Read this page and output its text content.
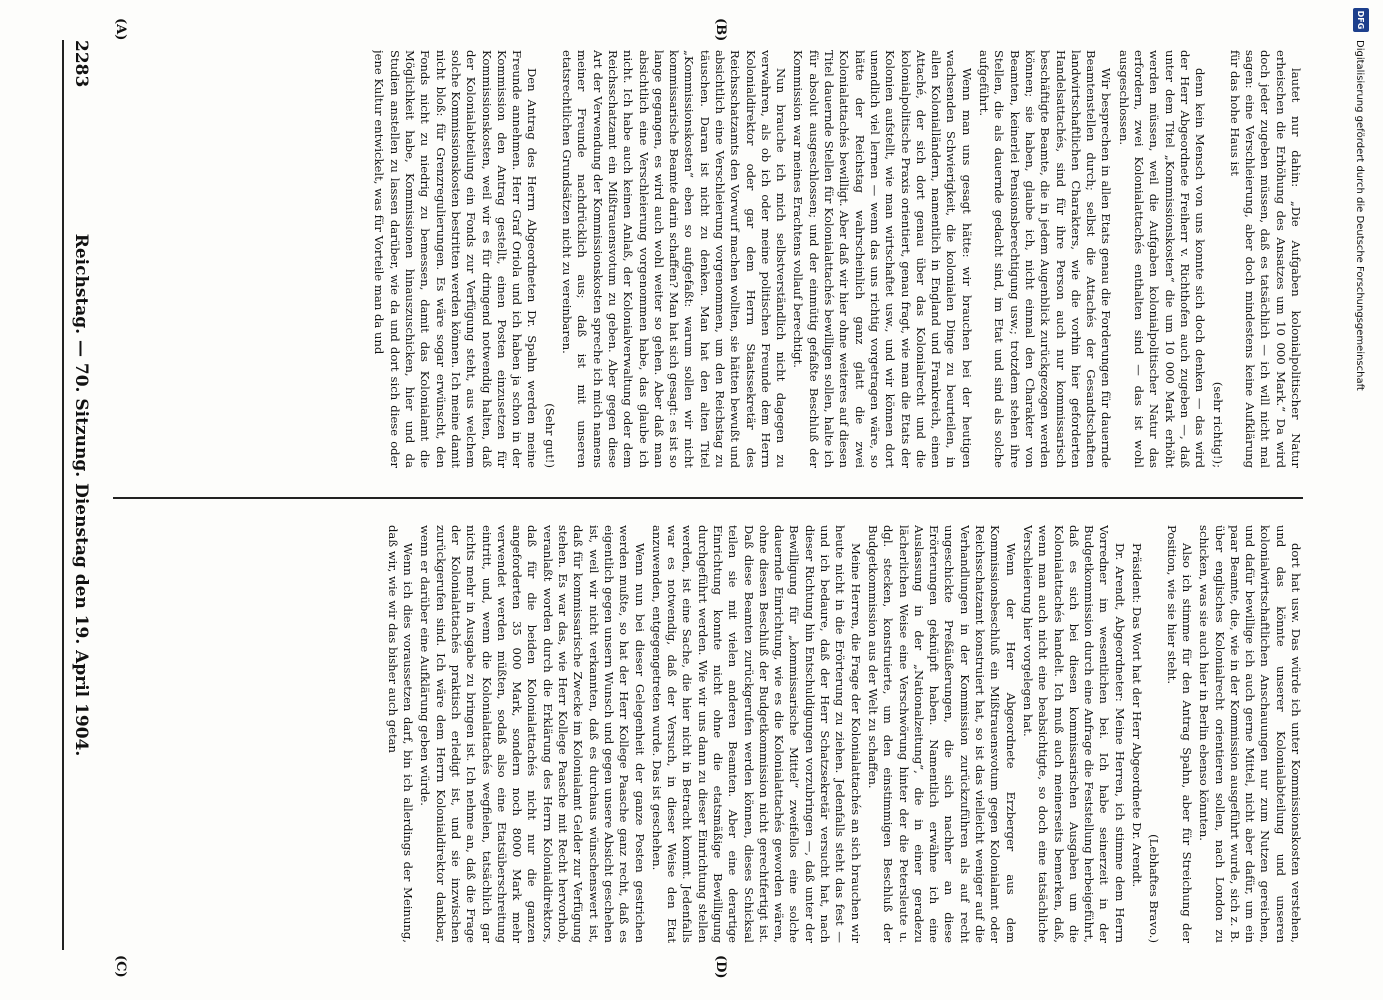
DFG
Digitalisierung gefördert durch die Deutsche Forschungsgemeinschaft
2283
Reichstag. — 70. Sitzung. Dienstag den 19. April 1904.
(A)	(B)
(C)	(D)

lautet nur dahin: „Die Aufgaben kolonialpolitischer Natur erheischen die Erhöhung des Ansatzes um 10 000 Mark.“ Da wird doch jeder zugeben müssen, daß es tatsächlich — ich will nicht mal sagen: eine Verschleierung, aber doch mindestens keine Aufklärung für das hohe Haus ist

(sehr richtig!);

denn kein Mensch von uns konnte sich doch denken — das wird der Herr Abgeordnete Freiherr v. Richthofen auch zugeben —, daß unter dem Titel „Kommissionskosten“ die um 10 000 Mark erhöht werden müssen, weil die Aufgaben kolonialpolitischer Natur das erfordern, zwei Kolonialattachés enthalten sind — das ist wohl ausgeschlossen.

Wir besprechen in allen Etats genau die Forderungen für dauernde Beamtenstellen durch; selbst die Attachés der Gesandtschaften landwirtschaftlichen Charakters, wie die vorhin hier geforderten Handelsattachés, sind für ihre Person auch nur kommissarisch beschäftigte Beamte, die in jedem Augenblick zurückgezogen werden können; sie haben, glaube ich, nicht einmal den Charakter von Beamten, keinerlei Pensionsberechtigung usw.; trotzdem stehen ihre Stellen, die als dauernde gedacht sind, im Etat und sind als solche aufgeführt.

Wenn man uns gesagt hätte: wir brauchen bei der heutigen wachsenden Schwierigkeit, die kolonialen Dinge zu beurteilen, in allen Kolonialländern, namentlich in England und Frankreich, einen Attaché, der sich dort genau über das Kolonialrecht und die kolonialpolitische Praxis orientiert, genau fragt, wie man die Etats der Kolonien aufstellt, wie man wirtschaftet usw., und wir können dort unendlich viel lernen — wenn das uns richtig vorgetragen wäre, so hätte der Reichstag wahrscheinlich ganz glatt die zwei Kolonialattachés bewilligt. Aber daß wir hier ohne weiteres auf diesen Titel dauernde Stellen für Kolonialattachés bewilligen sollen, halte ich für absolut ausgeschlossen; und der einmütig gefaßte Beschluß der Kommission war meines Erachtens vollauf berechtigt.

Nun brauche ich mich selbstverständlich nicht dagegen zu verwahren, als ob ich oder meine politischen Freunde dem Herrn Kolonialdirektor oder gar dem Herrn Staatssekretär des Reichsschatzamts den Vorwurf machen wollten, sie hätten bewußt und absichtlich eine Verschleierung vorgenommen, um den Reichstag zu täuschen. Daran ist nicht zu denken. Man hat den alten Titel „Kommissionskosten“ eben so aufgefaßt: warum sollen wir nicht kommissarische Beamte darin schaffen? Man hat sich gesagt: es ist so lange gegangen, es wird auch wohl weiter so gehen. Aber daß man absichtlich eine Verschleierung vorgenommen habe, das glaube ich nicht. Ich habe auch keinen Anlaß, der Kolonialverwaltung oder dem Reichsschatzamt ein Mißtrauensvotum zu geben. Aber gegen diese Art der Verwendung der Kommissionskosten spreche ich mich namens meiner Freunde nachdrücklich aus; daß ist mit unseren etatsrechtlichen Grundsätzen nicht zu vereinbaren.

(Sehr gut!)

Den Antrag des Herrn Abgeordneten Dr. Spahn werden meine Freunde annehmen. Herr Graf Oriola und ich haben ja schon in der Kommission den Antrag gestellt, einen Posten einzusetzen für Kommissionskosten, weil wir es für dringend notwendig halten, daß der Kolonialabteilung ein Fonds zur Verfügung steht, aus welchem solche Kommissionskosten bestritten werden können. Ich meine damit nicht bloß: für Grenzregulierungen. Es wäre sogar erwünscht, den Fonds nicht zu niedrig zu bemessen, damit das Kolonialamt die Möglichkeit habe, Kommissionen hinauszuschicken, hier und da Studien anstellen zu lassen darüber, wie da und dort sich diese oder jene Kultur entwickelt, was für Vorteile man da und

dort hat usw. Das würde ich unter Kommissionskosten verstehen, und das könnte unserer Kolonialabteilung und unseren kolonialwirtschaftlichen Anschauungen nur zum Nutzen gereichen, und dafür bewillige ich auch gerne Mittel, nicht aber dafür, um ein paar Beamte, die, wie in der Kommission ausgeführt wurde, sich z. B. über englisches Kolonialrecht orientieren sollen, nach London zu schicken, was sie auch hier in Berlin ebenso könnten.

Also ich stimme für den Antrag Spahn, aber für Streichung der Position, wie sie hier steht.

(Lebhaftes Bravo.)

Präsident: Das Wort hat der Herr Abgeordnete Dr. Arendt.

Dr. Arendt, Abgeordneter: Meine Herren, ich stimme dem Herrn Vorredner im wesentlichen bei. Ich habe seinerzeit in der Budgetkommission durch eine Anfrage die Feststellung herbeigeführt, daß es sich bei diesen kommissarischen Ausgaben um die Kolonialattachés handelt. Ich muß auch meinerseits bemerken, daß, wenn man auch nicht eine beabsichtigte, so doch eine tatsächliche Verschleierung hier vorgelegen hat.

Wenn der Herr Abgeordnete Erzberger aus dem Kommissionsbeschluß ein Mißtrauensvotum gegen Kolonialamt oder Reichsschatzamt konstruiert hat, so ist das vielleicht weniger auf die Verhandlungen in der Kommission zurückzuführen als auf recht ungeschickte Preßäußerungen, die sich nachher an diese Erörterungen geknüpft haben. Namentlich erwähne ich eine Auslassung in der „Nationalzeitung“, die in einer geradezu lächerlichen Weise eine Verschwörung hinter der die Petersleute u. dgl. stecken, konstruierte, um den einstimmigen Beschluß der Budgetkommission aus der Welt zu schaffen.

Meine Herren, die Frage der Kolonialattachés an sich brauchen wir heute nicht in die Erörterung zu ziehen. Jedenfalls steht das fest — und ich bedaure, daß der Herr Schatzsekretär versucht hat, nach dieser Richtung hin Entschuldigungen vorzubringen —, daß unter der Bewilligung für „kommissarische Mittel“ zweifellos eine solche dauernde Einrichtung, wie es die Kolonialattachés geworden wären, ohne diesen Beschluß der Budgetkommission nicht gerechtfertigt ist. Daß diese Beamten zurückgerufen werden können, dieses Schicksal teilen sie mit vielen anderen Beamten. Aber eine derartige Einrichtung konnte nicht ohne die etatsmäßige Bewilligung durchgeführt werden. Wie wir uns dann zu dieser Einrichtung stellen werden, ist eine Sache, die hier nicht in Betracht kommt. Jedenfalls war es notwendig, daß der Versuch, in dieser Weise den Etat anzuwenden, entgegengetreten wurde. Das ist geschehen.

Wenn nun bei dieser Gelegenheit der ganze Posten gestrichen werden mußte, so hat der Herr Kollege Paasche ganz recht, daß es eigentlich gegen unsern Wunsch und gegen unsere Absicht geschehen ist, weil wir nicht verkannten, daß es durchaus wünschenswert ist, daß für kommissarische Zwecke im Kolonialamt Gelder zur Verfügung stehen. Es war das, wie Herr Kollege Paasche mit Recht hervorhob, veranlaßt worden durch die Erklärung des Herrn Kolonialdirektors, daß für die beiden Kolonialattachés nicht nur die ganzen angeforderten 35 000 Mark, sondern noch 8000 Mark mehr verwendet werden müßten, sodaß also eine Etatsüberschreitung eintritt, und, wenn die Kolonialattachés wegfielen, tatsächlich gar nichts mehr in Ausgabe zu bringen ist. Ich nehme an, daß die Frage der Kolonialattachés praktisch erledigt ist, und sie inzwischen zurückgerufen sind. Ich wäre dem Herrn Kolonialdirektor dankbar, wenn er darüber eine Aufklärung geben würde.

Wenn ich dies voraussetzen darf, bin ich allerdings der Meinung, daß wir, wie wir das bisher auch getan
